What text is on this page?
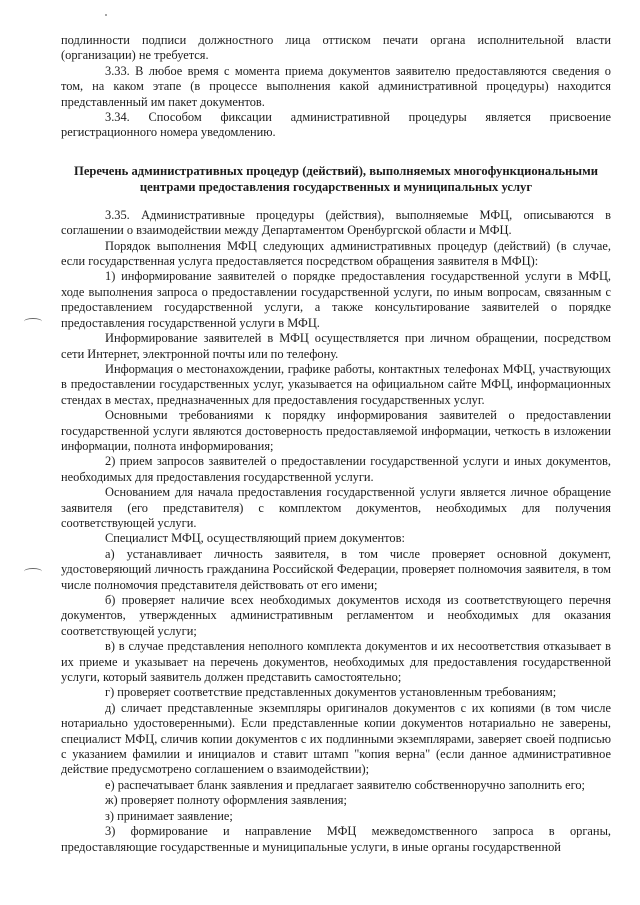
подлинности подписи должностного лица оттиском печати органа исполнительной власти (организации) не требуется.

3.33. В любое время с момента приема документов заявителю предоставляются сведения о том, на каком этапе (в процессе выполнения какой административной процедуры) находится представленный им пакет документов.

3.34. Способом фиксации административной процедуры является присвоение регистрационного номера уведомлению.

Перечень административных процедур (действий), выполняемых многофункциональными центрами предоставления государственных и муниципальных услуг

3.35. Административные процедуры (действия), выполняемые МФЦ, описываются в соглашении о взаимодействии между Департаментом Оренбургской области и МФЦ.

Порядок выполнения МФЦ следующих административных процедур (действий) (в случае, если государственная услуга предоставляется посредством обращения заявителя в МФЦ):

1) информирование заявителей о порядке предоставления государственной услуги в МФЦ, ходе выполнения запроса о предоставлении государственной услуги, по иным вопросам, связанным с предоставлением государственной услуги, а также консультирование заявителей о порядке предоставления государственной услуги в МФЦ.

Информирование заявителей в МФЦ осуществляется при личном обращении, посредством сети Интернет, электронной почты или по телефону.

Информация о местонахождении, графике работы, контактных телефонах МФЦ, участвующих в предоставлении государственных услуг, указывается на официальном сайте МФЦ, информационных стендах в местах, предназначенных для предоставления государственных услуг.

Основными требованиями к порядку информирования заявителей о предоставлении государственной услуги являются достоверность предоставляемой информации, четкость в изложении информации, полнота информирования;

2) прием запросов заявителей о предоставлении государственной услуги и иных документов, необходимых для предоставления государственной услуги.

Основанием для начала предоставления государственной услуги является личное обращение заявителя (его представителя) с комплектом документов, необходимых для получения соответствующей услуги.

Специалист МФЦ, осуществляющий прием документов:

а) устанавливает личность заявителя, в том числе проверяет основной документ, удостоверяющий личность гражданина Российской Федерации, проверяет полномочия заявителя, в том числе полномочия представителя действовать от его имени;

б) проверяет наличие всех необходимых документов исходя из соответствующего перечня документов, утвержденных административным регламентом и необходимых для оказания соответствующей услуги;

в) в случае представления неполного комплекта документов и их несоответствия отказывает в их приеме и указывает на перечень документов, необходимых для предоставления государственной услуги, который заявитель должен представить самостоятельно;

г) проверяет соответствие представленных документов установленным требованиям;

д) сличает представленные экземпляры оригиналов документов с их копиями (в том числе нотариально удостоверенными). Если представленные копии документов нотариально не заверены, специалист МФЦ, сличив копии документов с их подлинными экземплярами, заверяет своей подписью с указанием фамилии и инициалов и ставит штамп "копия верна" (если данное административное действие предусмотрено соглашением о взаимодействии);

е) распечатывает бланк заявления и предлагает заявителю собственноручно заполнить его;

ж) проверяет полноту оформления заявления;

з) принимает заявление;

3) формирование и направление МФЦ межведомственного запроса в органы, предоставляющие государственные и муниципальные услуги, в иные органы государственной
